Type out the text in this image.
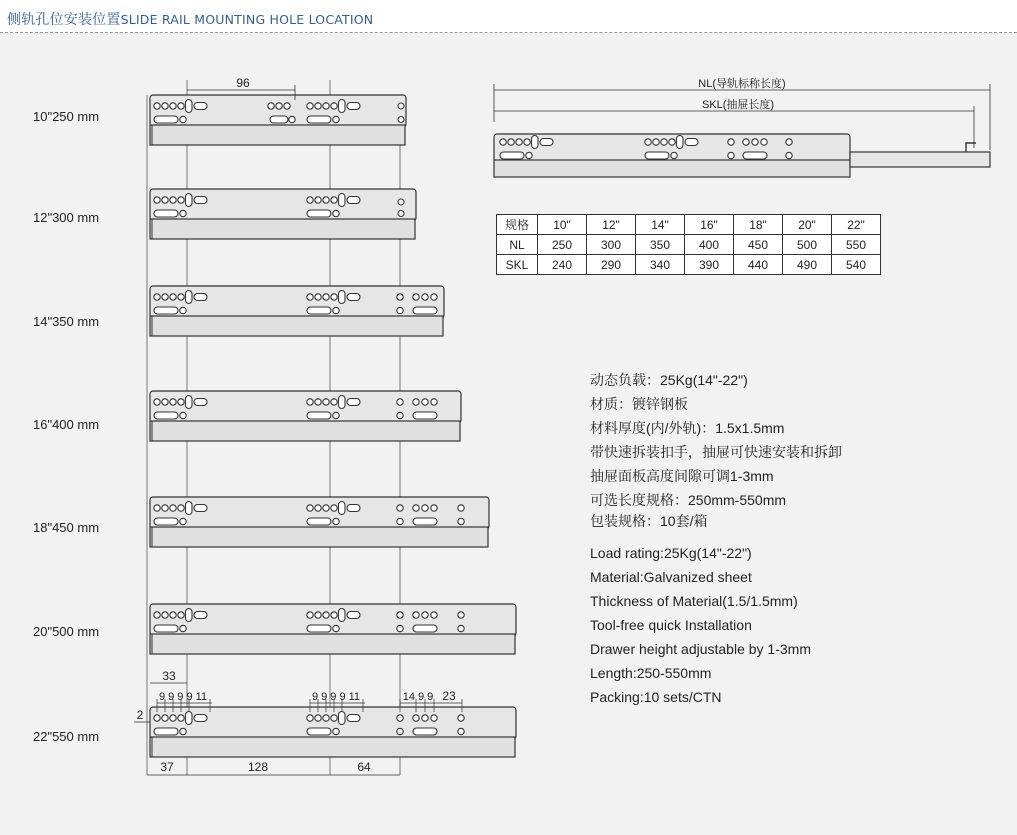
侧轨孔位安装位置SLIDE RAIL MOUNTING HOLE LOCATION
96
33
9 9 9 9 11	9 9 9 9 11	14 9 9 23
2
37	128	64
NL(导轨标称长度)
SKL(抽屉长度)
10"250 mm
12"300 mm
14"350 mm
16"400 mm
18"450 mm
20"500 mm
22"550 mm
规格	10"	12"	14"	16"	18"	20"	22"
NL	250	300	350	400	450	500	550
SKL	240	290	340	390	440	490	540
动态负载：25Kg(14"-22")
材质：镀锌钢板
材料厚度(内/外轨)：1.5x1.5mm
带快速拆装扣手，抽屉可快速安装和拆卸
抽屉面板高度间隙可调1-3mm
可选长度规格：250mm-550mm
包装规格：10套/箱
Load rating:25Kg(14"-22")
Material:Galvanized sheet
Thickness of Material(1.5/1.5mm)
Tool-free quick Installation
Drawer height adjustable by 1-3mm
Length:250-550mm
Packing:10 sets/CTN
